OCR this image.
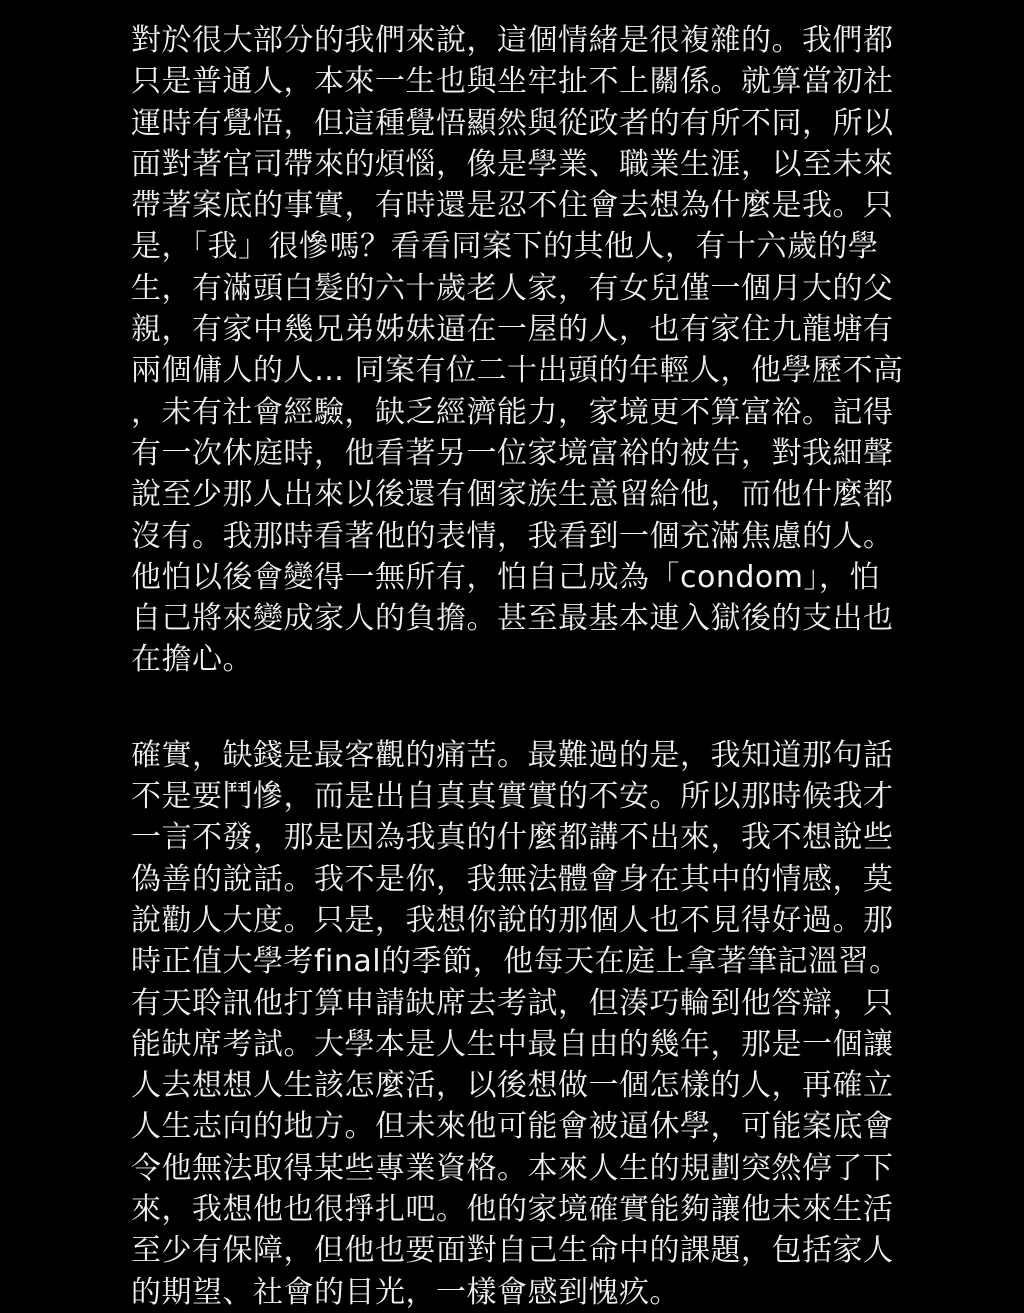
對於很大部分的我們來說，這個情緒是很複雜的。我們都
只是普通人，本來一生也與坐牢扯不上關係。就算當初社
運時有覺悟，但這種覺悟顯然與從政者的有所不同，所以
面對著官司帶來的煩惱，像是學業、職業生涯，以至未來
帶著案底的事實，有時還是忍不住會去想為什麼是我。只
是，「我」很慘嗎？看看同案下的其他人，有十六歲的學
生，有滿頭白髮的六十歲老人家，有女兒僅一個月大的父
親，有家中幾兄弟姊妹逼在一屋的人，也有家住九龍塘有
兩個傭人的人… 同案有位二十出頭的年輕人，他學歷不高
，未有社會經驗，缺乏經濟能力，家境更不算富裕。記得
有一次休庭時，他看著另一位家境富裕的被告，對我細聲
說至少那人出來以後還有個家族生意留給他，而他什麼都
沒有。我那時看著他的表情，我看到一個充滿焦慮的人。
他怕以後會變得一無所有，怕自己成為「condom」，怕
自己將來變成家人的負擔。甚至最基本連入獄後的支出也
在擔心。
確實，缺錢是最客觀的痛苦。最難過的是，我知道那句話
不是要鬥慘，而是出自真真實實的不安。所以那時候我才
一言不發，那是因為我真的什麼都講不出來，我不想說些
偽善的說話。我不是你，我無法體會身在其中的情感，莫
說勸人大度。只是，我想你說的那個人也不見得好過。那
時正值大學考final的季節，他每天在庭上拿著筆記溫習。
有天聆訊他打算申請缺席去考試，但湊巧輪到他答辯，只
能缺席考試。大學本是人生中最自由的幾年，那是一個讓
人去想想人生該怎麼活，以後想做一個怎樣的人，再確立
人生志向的地方。但未來他可能會被逼休學，可能案底會
令他無法取得某些專業資格。本來人生的規劃突然停了下
來，我想他也很掙扎吧。他的家境確實能夠讓他未來生活
至少有保障，但他也要面對自己生命中的課題，包括家人
的期望、社會的目光，一樣會感到愧疚。
